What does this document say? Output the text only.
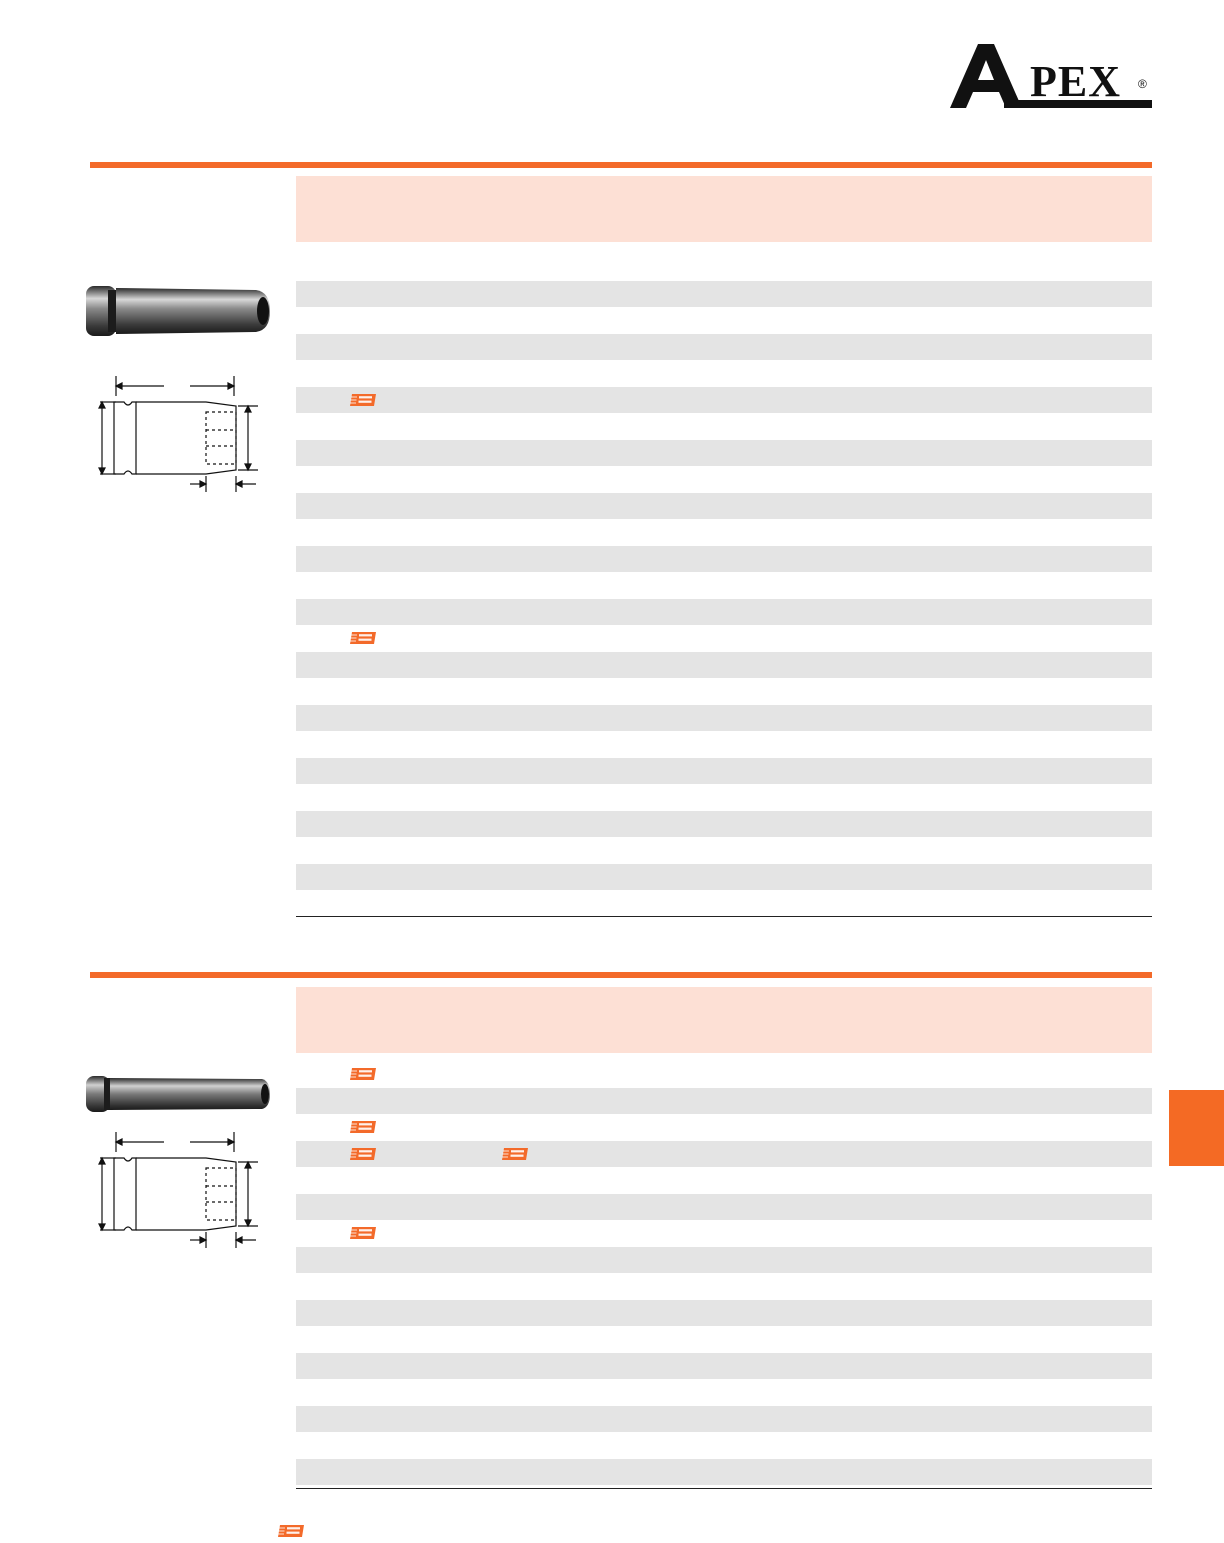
PEX ®
